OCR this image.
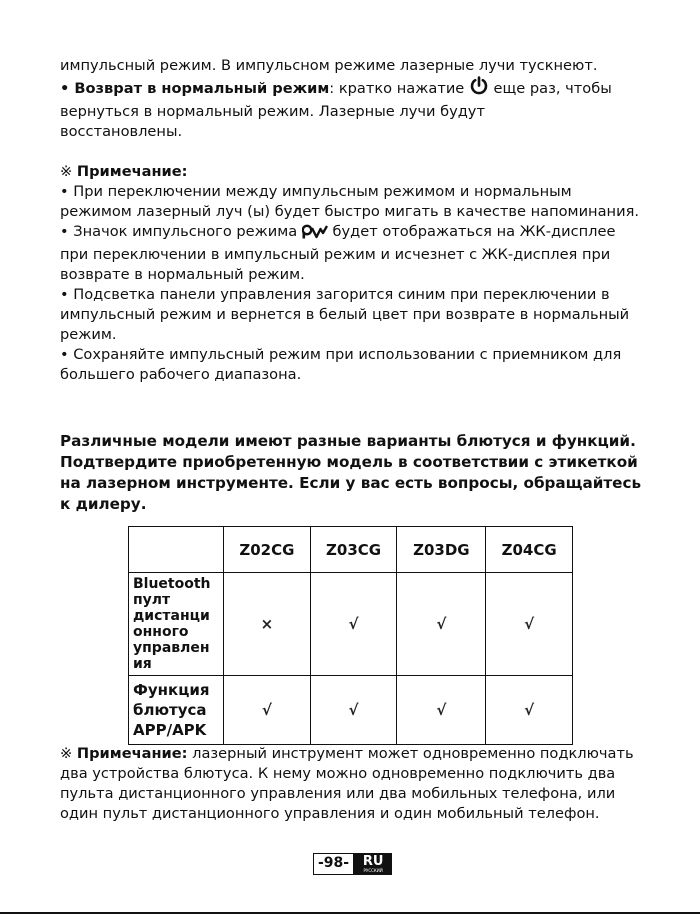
импульсный режим. В импульсном режиме лазерные лучи тускнеют.

• Возврат в нормальный режим: кратко нажатие  еще раз, чтобы

вернуться в нормальный режим. Лазерные лучи будут

восстановлены.

※ Примечание:

• При переключении между импульсным режимом и нормальным режимом лазерный луч (ы) будет быстро мигать в качестве напоминания.

• Значок импульсного режима  будет отображаться на ЖК-дисплее при переключении в импульсный режим и исчезнет с ЖК-дисплея при возврате в нормальный режим.

• Подсветка панели управления загорится синим при переключении в импульсный режим и вернется в белый цвет при возврате в нормальный режим.

• Сохраняйте импульсный режим при использовании с приемником для большего рабочего диапазона.

Различные модели имеют разные варианты блютуся и функций. Подтвердите приобретенную модель в соответствии с этикеткой на лазерном инструменте. Если у вас есть вопросы, обращайтесь к дилеру.

	Z02CG	Z03CG	Z03DG	Z04CG
Bluetooth пулт дистанци онного управлен ия	×	√	√	√
Функция блютуса APP/APK	√	√	√	√

※ Примечание: лазерный инструмент может одновременно подключать два устройства блютуса. К нему можно одновременно подключить два пульта дистанционного управления или два мобильных телефона, или один пульт дистанционного управления и один мобильный телефон.

-98-	RU
РУССКИЙ
